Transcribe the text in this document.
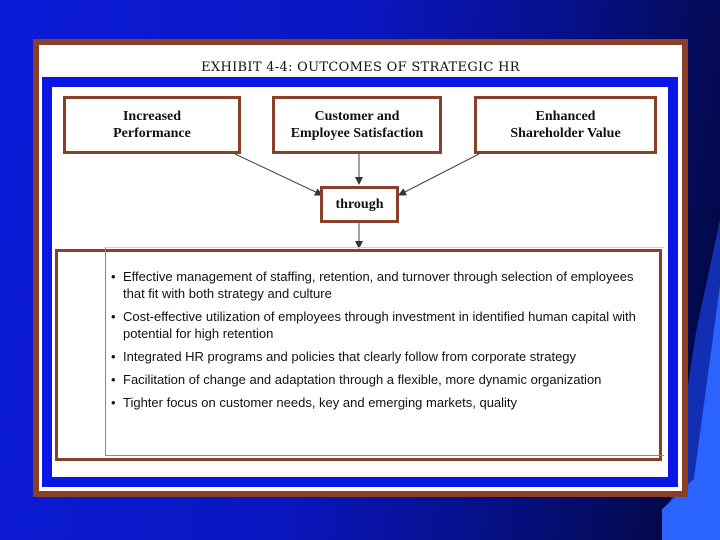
EXHIBIT 4-4: OUTCOMES OF STRATEGIC HR
Increased
Performance
Customer and
Employee Satisfaction
Enhanced
Shareholder Value
through
• Effective management of staffing, retention, and turnover through selection of employees that fit with both strategy and culture
• Cost-effective utilization of employees through investment in identified human capital with potential for high retention
• Integrated HR programs and policies that clearly follow from corporate strategy
• Facilitation of change and adaptation through a flexible, more dynamic organization
• Tighter focus on customer needs, key and emerging markets, quality
